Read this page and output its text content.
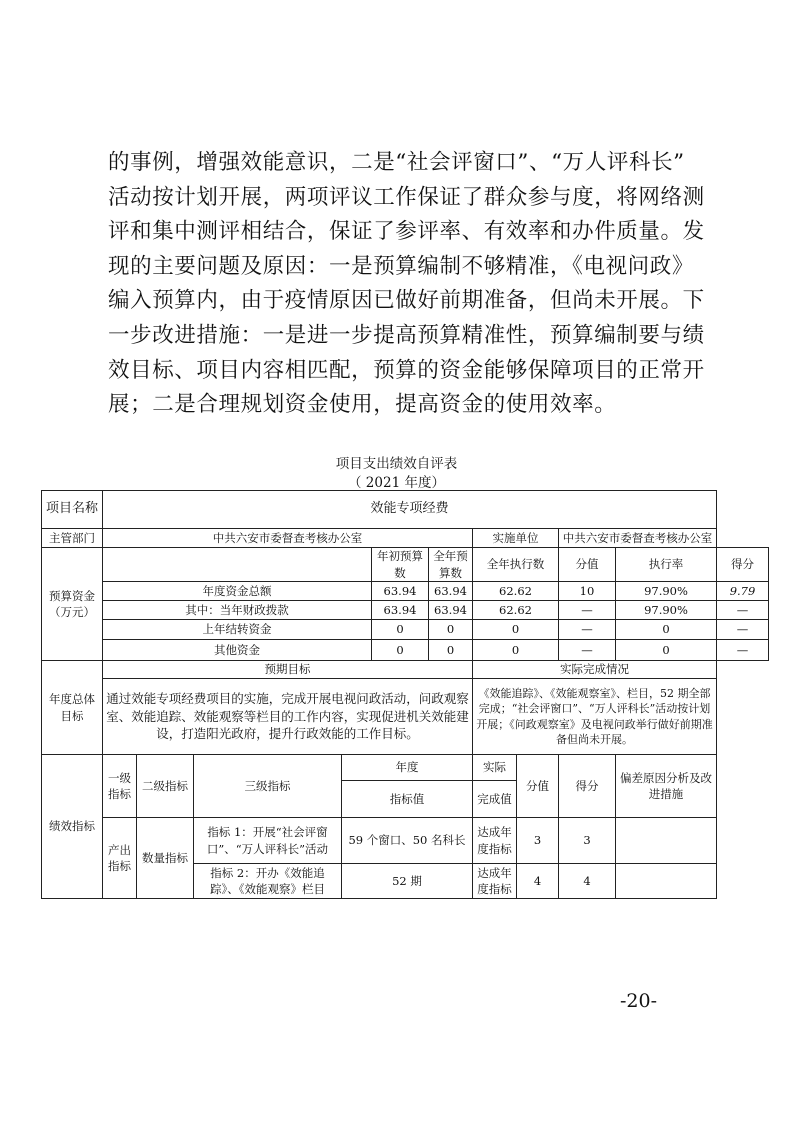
的事例，增强效能意识，二是“社会评窗口”、“万人评科长”
活动按计划开展，两项评议工作保证了群众参与度，将网络测
评和集中测评相结合，保证了参评率、有效率和办件质量。发
现的主要问题及原因：一是预算编制不够精准，《电视问政》
编入预算内，由于疫情原因已做好前期准备，但尚未开展。下
一步改进措施：一是进一步提高预算精准性，预算编制要与绩
效目标、项目内容相匹配，预算的资金能够保障项目的正常开
展；二是合理规划资金使用，提高资金的使用效率。
项目支出绩效自评表
（ 2021 年度）
项目名称	效能专项经费										
主管部门	中共六安市委督查考核办公室						实施单位		中共六安市委督查考核办公室		
预算资金（万元）					年初预算数	全年预算数	全年执行数		分值	执行率	得分
	年度资金总额				63.94	63.94	62.62		10	97.90%	9.79
	其中：当年财政拨款				63.94	63.94	62.62		—	97.90%	—
	上年结转资金				0	0	0		—	0	—
	其他资金				0	0	0		—	0	—
年度总体目标	预期目标						实际完成情况				
	通过效能专项经费项目的实施，完成开展电视问政活动，问政观察室、效能追踪、效能观察等栏目的工作内容，实现促进机关效能建设，打造阳光政府，提升行政效能的工作目标。						《效能追踪》、《效能观察室》、栏目，52 期全部完成；“社会评窗口”、“万人评科长”活动按计划开展；《问政观察室》及电视问政举行做好前期准备但尚未开展。				
绩效指标	一级指标	二级指标	三级指标	年度			实际	分值	得分	偏差原因分析及改进措施	
				指标值			完成值				
	产出指标	数量指标	指标 1：开展“社会评窗口”、“万人评科长”活动	59 个窗口、50 名科长			达成年度指标	3	3		
			指标 2：开办《效能追踪》、《效能观察》栏目	52 期			达成年度指标	4	4		
-20-
